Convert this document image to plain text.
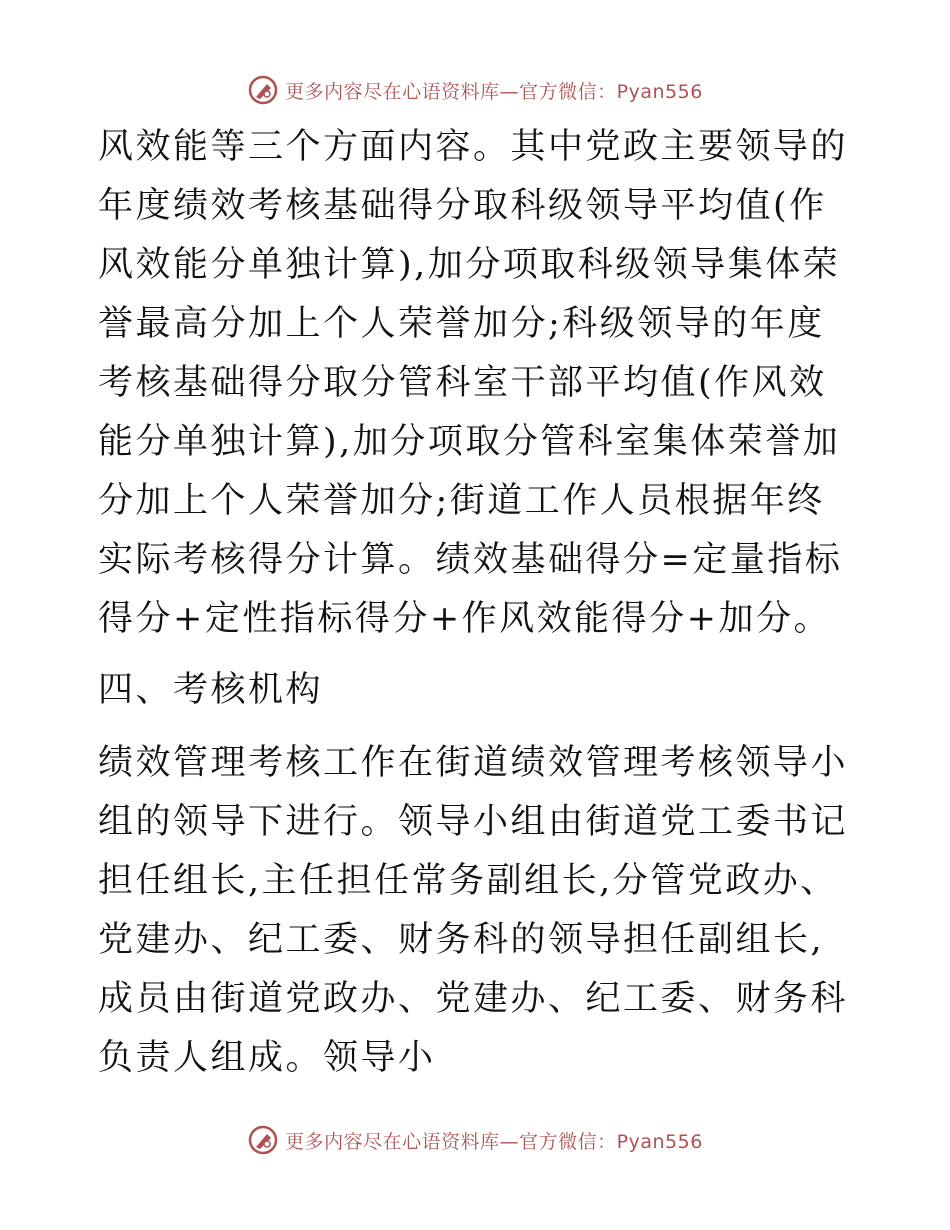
更多内容尽在心语资料库—官方微信：Pyan556

风效能等三个方面内容。其中党政主要领导的年度绩效考核基础得分取科级领导平均值(作风效能分单独计算),加分项取科级领导集体荣誉最高分加上个人荣誉加分;科级领导的年度考核基础得分取分管科室干部平均值(作风效能分单独计算),加分项取分管科室集体荣誉加分加上个人荣誉加分;街道工作人员根据年终实际考核得分计算。绩效基础得分=定量指标得分+定性指标得分+作风效能得分+加分。

四、考核机构

绩效管理考核工作在街道绩效管理考核领导小组的领导下进行。领导小组由街道党工委书记担任组长,主任担任常务副组长,分管党政办、党建办、纪工委、财务科的领导担任副组长,成员由街道党政办、党建办、纪工委、财务科负责人组成。领导小

更多内容尽在心语资料库—官方微信：Pyan556
